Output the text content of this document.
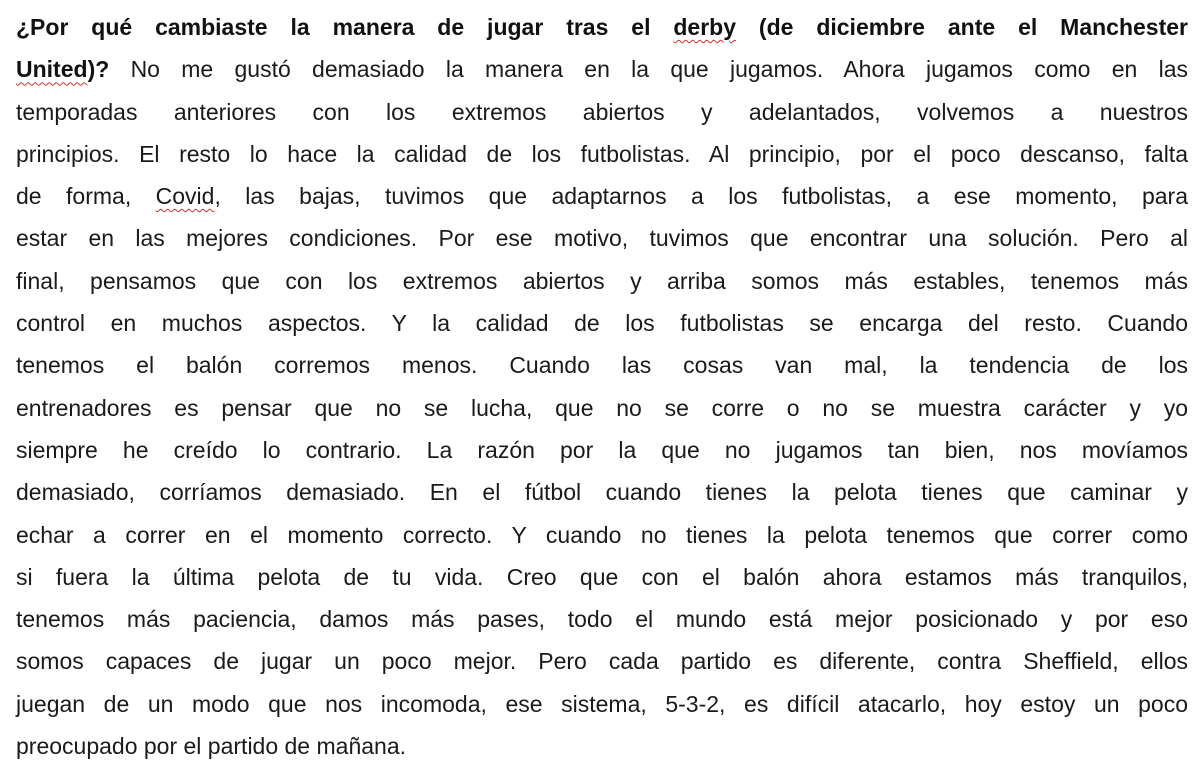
¿Por qué cambiaste la manera de jugar tras el derby (de diciembre ante el Manchester
United)? No me gustó demasiado la manera en la que jugamos. Ahora jugamos como en las
temporadas anteriores con los extremos abiertos y adelantados, volvemos a nuestros
principios. El resto lo hace la calidad de los futbolistas. Al principio, por el poco descanso, falta
de forma, Covid, las bajas, tuvimos que adaptarnos a los futbolistas, a ese momento, para
estar en las mejores condiciones. Por ese motivo, tuvimos que encontrar una solución. Pero al
final, pensamos que con los extremos abiertos y arriba somos más estables, tenemos más
control en muchos aspectos. Y la calidad de los futbolistas se encarga del resto. Cuando
tenemos el balón corremos menos. Cuando las cosas van mal, la tendencia de los
entrenadores es pensar que no se lucha, que no se corre o no se muestra carácter y yo
siempre he creído lo contrario. La razón por la que no jugamos tan bien, nos movíamos
demasiado, corríamos demasiado. En el fútbol cuando tienes la pelota tienes que caminar y
echar a correr en el momento correcto. Y cuando no tienes la pelota tenemos que correr como
si fuera la última pelota de tu vida. Creo que con el balón ahora estamos más tranquilos,
tenemos más paciencia, damos más pases, todo el mundo está mejor posicionado y por eso
somos capaces de jugar un poco mejor. Pero cada partido es diferente, contra Sheffield, ellos
juegan de un modo que nos incomoda, ese sistema, 5-3-2, es difícil atacarlo, hoy estoy un poco
preocupado por el partido de mañana.
